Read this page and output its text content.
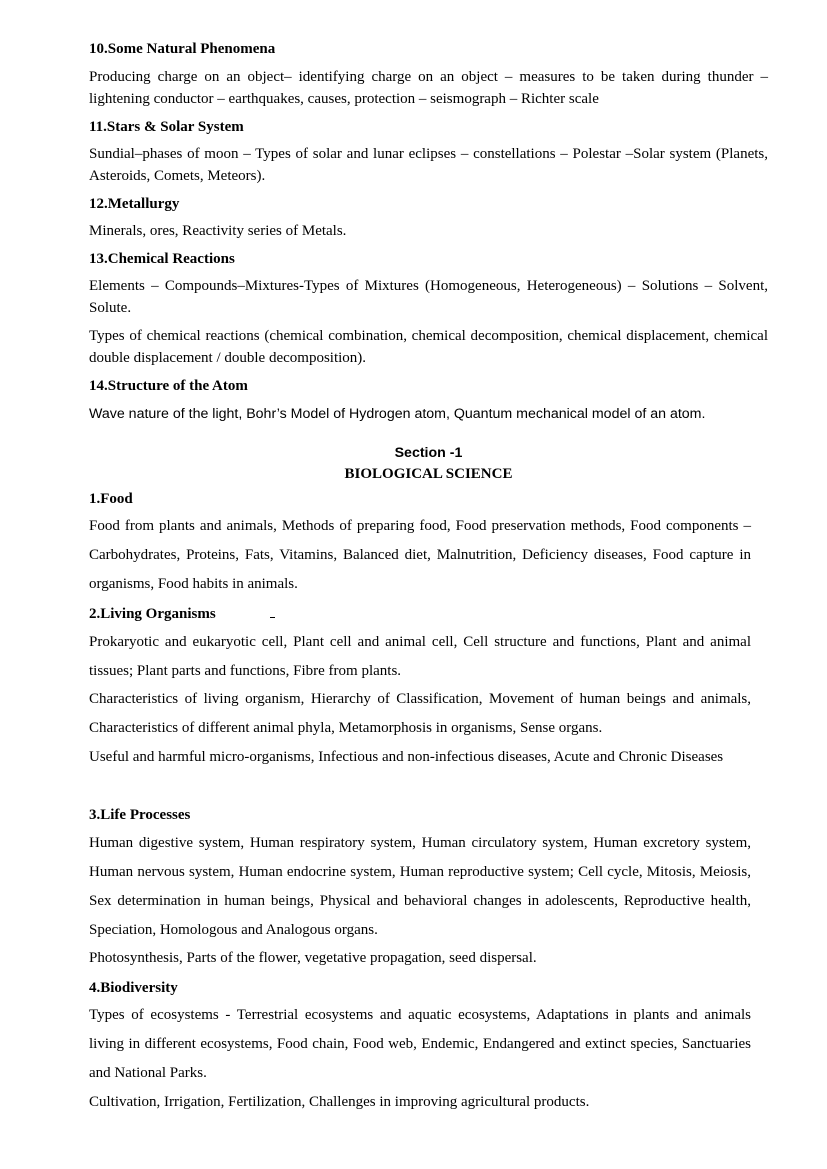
10.Some Natural Phenomena

Producing charge on an object– identifying charge on an object – measures to be taken during thunder – lightening conductor – earthquakes, causes, protection – seismograph – Richter scale

11.Stars & Solar System

Sundial–phases of moon – Types of solar and lunar eclipses – constellations – Polestar –Solar system (Planets, Asteroids, Comets, Meteors).

12.Metallurgy

Minerals, ores, Reactivity series of Metals.

13.Chemical Reactions

Elements – Compounds–Mixtures-Types of Mixtures (Homogeneous, Heterogeneous) – Solutions – Solvent, Solute.

Types of chemical reactions (chemical combination, chemical decomposition, chemical displacement, chemical double displacement / double decomposition).

14.Structure of the Atom

Wave nature of the light, Bohr’s Model of Hydrogen atom, Quantum mechanical model of an atom.

Section -1
BIOLOGICAL SCIENCE
1.Food

Food from plants and animals, Methods of preparing food, Food preservation methods, Food components – Carbohydrates, Proteins, Fats, Vitamins, Balanced diet, Malnutrition, Deficiency diseases, Food capture in organisms, Food habits in animals.

2.Living Organisms

Prokaryotic and eukaryotic cell, Plant cell and animal cell, Cell structure and functions, Plant and animal tissues; Plant parts and functions, Fibre from plants.

Characteristics of living organism, Hierarchy of Classification, Movement of human beings and animals, Characteristics of different animal phyla, Metamorphosis in organisms, Sense organs.

Useful and harmful micro-organisms, Infectious and non-infectious diseases, Acute and Chronic Diseases

3.Life Processes

Human digestive system, Human respiratory system, Human circulatory system, Human excretory system, Human nervous system, Human endocrine system, Human reproductive system; Cell cycle, Mitosis, Meiosis, Sex determination in human beings, Physical and behavioral changes in adolescents, Reproductive health, Speciation, Homologous and Analogous organs.

Photosynthesis, Parts of the flower, vegetative propagation, seed dispersal.

4.Biodiversity

Types of ecosystems - Terrestrial ecosystems and aquatic ecosystems, Adaptations in plants and animals living in different ecosystems, Food chain, Food web, Endemic, Endangered and extinct species, Sanctuaries and National Parks.

Cultivation, Irrigation, Fertilization, Challenges in improving agricultural products.
